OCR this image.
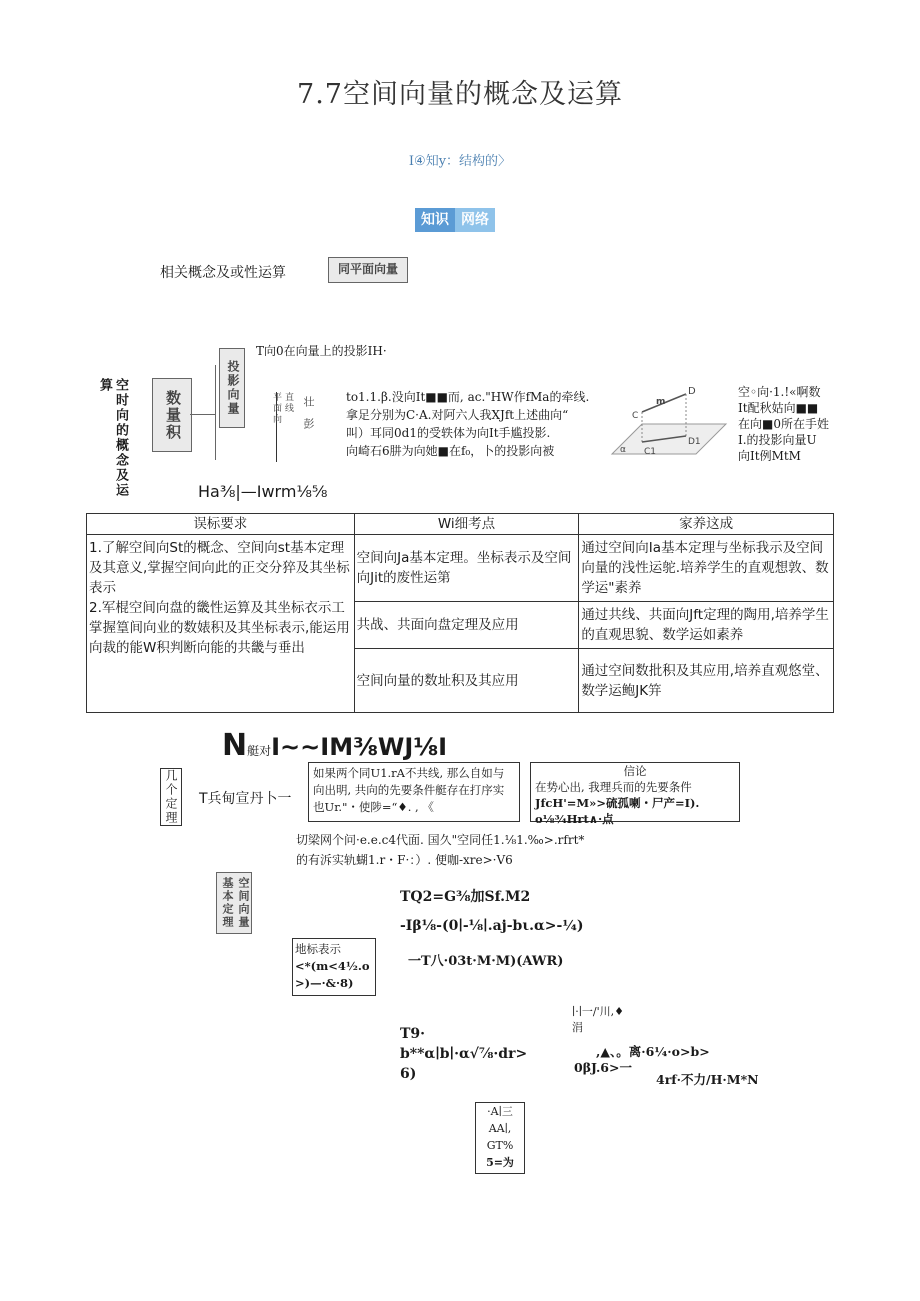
7.7空间向量的概念及运算
I④知y：结构的〉
知识 网络
相关概念及或性运算	同平面向量
空时向的概念及运算
数量积	投影向量
T向0在向量上的投影IH·
平面向 直线 壮
彭
to1.1.β.没向It■■而, ac."HW作fMa的牵线.
拿足分别为C·A.对阿六人我XJft上述曲向“
叫）耳同0d1的受轶体为向It手尴投影.
向崎石6肼为向她■在f₀，卜的投影向被
D
m
C
α C1
D1
空◦向·1.!«啊数
It配秋姑向■■
在向■0所在手姓
I.的投影向量U
向It例MtM
Ha⅜|—Iwrm⅛⅝
误标要求	Wi细考点	家养这成

1.了解空间向St的概念、空间向st基本定理及其意义,掌握空间向此的正交分猝及其坐标表示
2.军棍空间向盘的畿性运算及其坐标衣示工掌握篁间向业的数婊积及其坐标表示,能运用向裁的能W积判断向能的共畿与垂出	空间向Ja基本定理。坐标表示及空间向Jit的废性运第	通过空间向Ia基本定理与坐标我示及空间向量的浅性运鸵.培养学生的直观想敦、数学运"素养
	共战、共面向盘定理及应用	通过共线、共面向Jft定理的陶用,培养学生的直观思貌、数学运如素养
	空间向量的数址积及其应用	通过空间数批积及其应用,培养直观悠堂、数学运鲍JK笄
N艇对I~~IM⅜WJ⅛I
几个定理 T兵甸宣丹卜一
如果两个同U1.rA不共线, 那么自如与
向出明, 共向的先要条件艇存在打序实
也Ur."・使陟=“♦. , 《
信论
在势心出, 我理兵而的先要条件
JfcH'=M»>硫孤喇・尸产=I).
o⅛¾Hrt∧·点
切梁网个问·e.e.c4代面. 国久"空同任1.⅛1.‰>.rfrt*
的有泝实轨蝴1.r・F·：）. 便咖-xre>·V6
空间向量基本定理	TQ2=G⅜加Sf.M2
-Iβ⅛-(0∣-⅛∣.aj-bι.α>-¼)
地标表示
<*(m<4½.o
>)—·&·8)
一T八·03t·M·M)(AWR)
T9·
b**α∣b∣·α√⅞·dr>
6)
∣·∣一/'川,♦
涓
,▲、。离·6¼·o>b>
0βJ.6>一
4rf·不力/H·M*N
·A∣三
AA∣,
GT%
5=为
